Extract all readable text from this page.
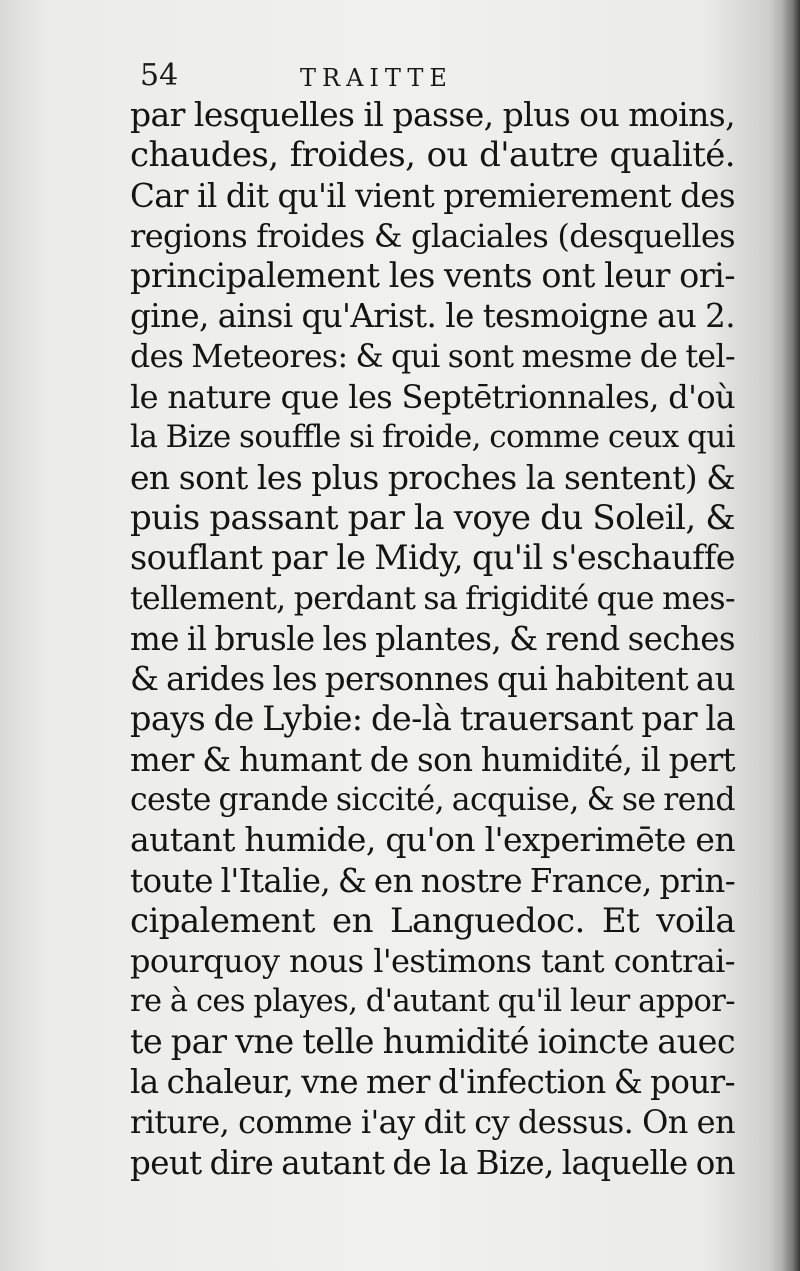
54	TRAITTE
par lesquelles il passe, plus ou moins,
chaudes, froides, ou d'autre qualité.
Car il dit qu'il vient premierement des
regions froides & glaciales (desquelles
principalement les vents ont leur ori-
gine, ainsi qu'Arist. le tesmoigne au 2.
des Meteores: & qui sont mesme de tel-
le nature que les Septētrionnales, d'où
la Bize souffle si froide, comme ceux qui
en sont les plus proches la sentent) &
puis passant par la voye du Soleil, &
souflant par le Midy, qu'il s'eschauffe
tellement, perdant sa frigidité que mes-
me il brusle les plantes, & rend seches
& arides les personnes qui habitent au
pays de Lybie: de-là trauersant par la
mer & humant de son humidité, il pert
ceste grande siccité, acquise, & se rend
autant humide, qu'on l'experimēte en
toute l'Italie, & en nostre France, prin-
cipalement en Languedoc. Et voila
pourquoy nous l'estimons tant contrai-
re à ces playes, d'autant qu'il leur appor-
te par vne telle humidité ioincte auec
la chaleur, vne mer d'infection & pour-
riture, comme i'ay dit cy dessus. On en
peut dire autant de la Bize, laquelle on
